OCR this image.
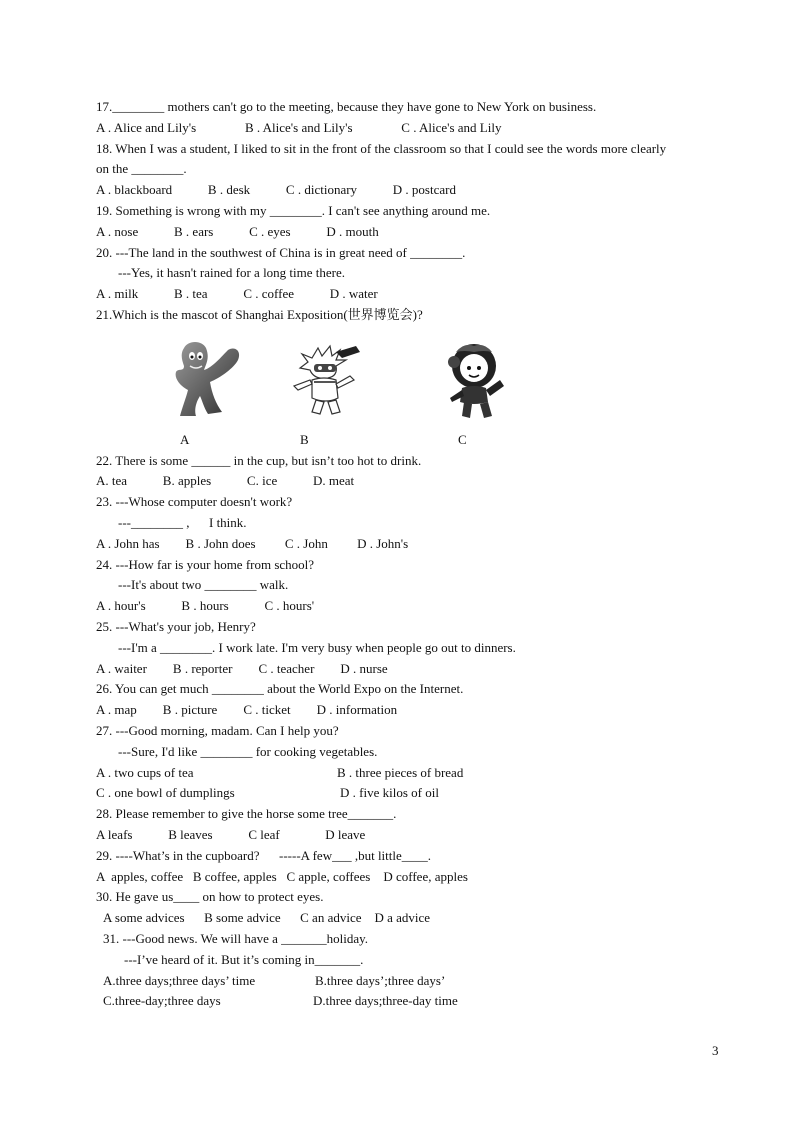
17.________ mothers can't go to the meeting, because they have gone to New York on business.
A . Alice and Lily's               B . Alice's and Lily's               C . Alice's and Lily
18. When I was a student, I liked to sit in the front of the classroom so that I could see the words more clearly
on the ________.
A . blackboard           B . desk           C . dictionary           D . postcard
19. Something is wrong with my ________. I can't see anything around me.
A . nose           B . ears           C . eyes           D . mouth
20. ---The land in the southwest of China is in great need of ________.
---Yes, it hasn't rained for a long time there.
A . milk           B . tea           C . coffee           D . water
21.Which is the mascot of Shanghai Exposition(世界博览会)?
A	B	C
22. There is some ______ in the cup, but isn’t too hot to drink.
A. tea           B. apples           C. ice           D. meat
23. ---Whose computer doesn't work?
---________ ,      I think.
A . John has        B . John does         C . John         D . John's
24. ---How far is your home from school?
---It's about two ________ walk.
A . hour's           B . hours           C . hours'
25. ---What's your job, Henry?
---I'm a ________. I work late. I'm very busy when people go out to dinners.
A . waiter        B . reporter        C . teacher        D . nurse
26. You can get much ________ about the World Expo on the Internet.
A . map        B . picture        C . ticket        D . information
27. ---Good morning, madam. Can I help you?
---Sure, I'd like ________ for cooking vegetables.
A . two cups of tea	B . three pieces of bread
C . one bowl of dumplings	D . five kilos of oil
28. Please remember to give the horse some tree_______.
A leafs           B leaves           C leaf              D leave
29. ----What’s in the cupboard?      -----A few___ ,but little____.
A  apples, coffee   B coffee, apples   C apple, coffees    D coffee, apples
30. He gave us____ on how to protect eyes.
A some advices      B some advice      C an advice    D a advice
31. ---Good news. We will have a _______holiday.
---I’ve heard of it. But it’s coming in_______.
A.three days;three days’ time	B.three days’;three days’
C.three-day;three days	D.three days;three-day time
3
